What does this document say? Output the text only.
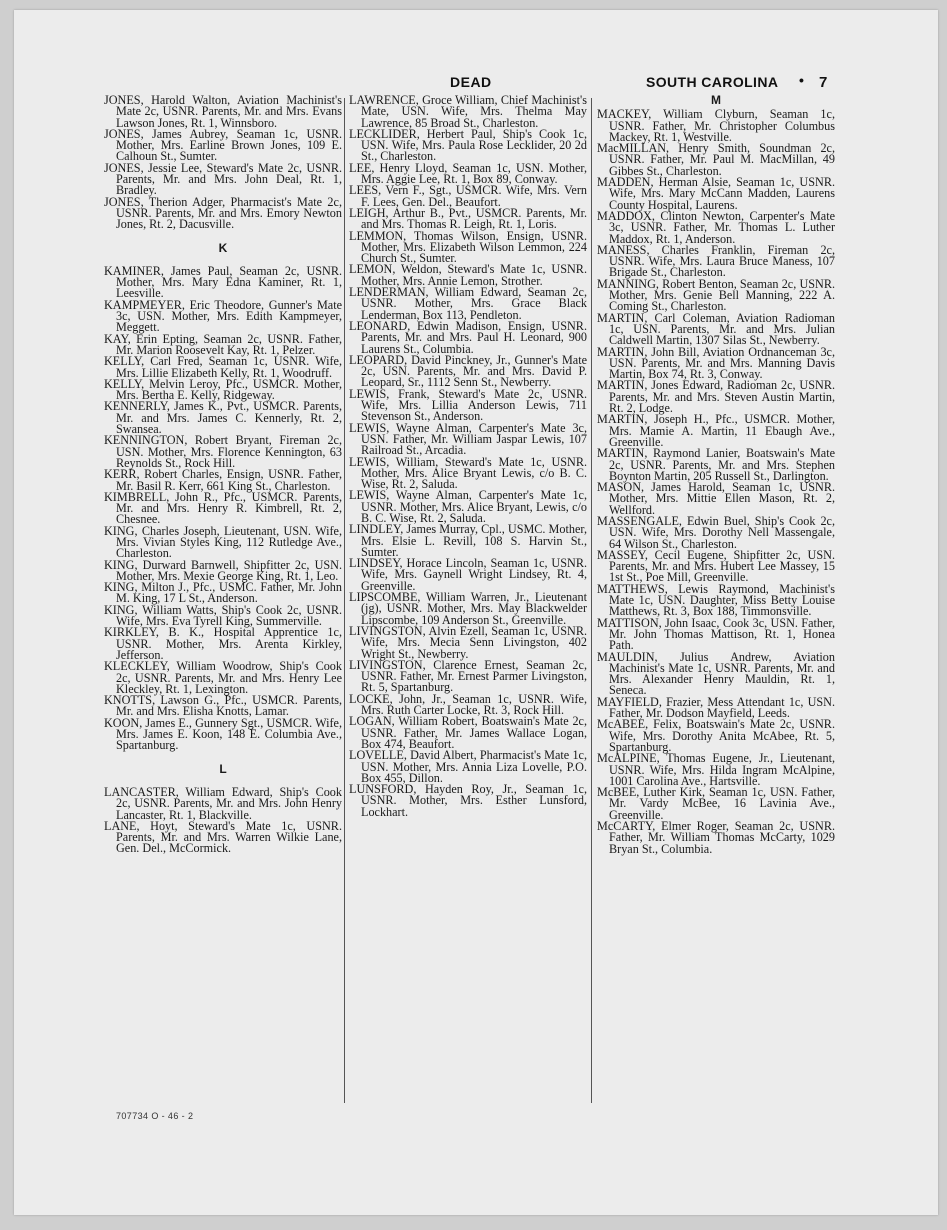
DEAD	SOUTH CAROLINA • 7

JONES, Harold Walton, Aviation Machinist's Mate 2c, USNR. Parents, Mr. and Mrs. Evans Lawson Jones, Rt. 1, Winnsboro.

JONES, James Aubrey, Seaman 1c, USNR. Mother, Mrs. Earline Brown Jones, 109 E. Calhoun St., Sumter.

JONES, Jessie Lee, Steward's Mate 2c, USNR. Parents, Mr. and Mrs. John Deal, Rt. 1, Bradley.

JONES, Therion Adger, Pharmacist's Mate 2c, USNR. Parents, Mr. and Mrs. Emory Newton Jones, Rt. 2, Dacusville.

K

KAMINER, James Paul, Seaman 2c, USNR. Mother, Mrs. Mary Edna Kaminer, Rt. 1, Leesville.

KAMPMEYER, Eric Theodore, Gunner's Mate 3c, USN. Mother, Mrs. Edith Kampmeyer, Meggett.

KAY, Erin Epting, Seaman 2c, USNR. Father, Mr. Marion Roosevelt Kay, Rt. 1, Pelzer.

KELLY, Carl Fred, Seaman 1c, USNR. Wife, Mrs. Lillie Elizabeth Kelly, Rt. 1, Woodruff.

KELLY, Melvin Leroy, Pfc., USMCR. Mother, Mrs. Bertha E. Kelly, Ridgeway.

KENNERLY, James K., Pvt., USMCR. Parents, Mr. and Mrs. James C. Kennerly, Rt. 2, Swansea.

KENNINGTON, Robert Bryant, Fireman 2c, USN. Mother, Mrs. Florence Kennington, 63 Reynolds St., Rock Hill.

KERR, Robert Charles, Ensign, USNR. Father, Mr. Basil R. Kerr, 661 King St., Charleston.

KIMBRELL, John R., Pfc., USMCR. Parents, Mr. and Mrs. Henry R. Kimbrell, Rt. 2, Chesnee.

KING, Charles Joseph, Lieutenant, USN. Wife, Mrs. Vivian Styles King, 112 Rutledge Ave., Charleston.

KING, Durward Barnwell, Shipfitter 2c, USN. Mother, Mrs. Mexie George King, Rt. 1, Leo.

KING, Milton J., Pfc., USMC. Father, Mr. John M. King, 17 L St., Anderson.

KING, William Watts, Ship's Cook 2c, USNR. Wife, Mrs. Eva Tyrell King, Summerville.

KIRKLEY, B. K., Hospital Apprentice 1c, USNR. Mother, Mrs. Arenta Kirkley, Jefferson.

KLECKLEY, William Woodrow, Ship's Cook 2c, USNR. Parents, Mr. and Mrs. Henry Lee Kleckley, Rt. 1, Lexington.

KNOTTS, Lawson G., Pfc., USMCR. Parents, Mr. and Mrs. Elisha Knotts, Lamar.

KOON, James E., Gunnery Sgt., USMCR. Wife, Mrs. James E. Koon, 148 E. Columbia Ave., Spartanburg.

L

LANCASTER, William Edward, Ship's Cook 2c, USNR. Parents, Mr. and Mrs. John Henry Lancaster, Rt. 1, Blackville.

LANE, Hoyt, Steward's Mate 1c, USNR. Parents, Mr. and Mrs. Warren Wilkie Lane, Gen. Del., McCormick.

LAWRENCE, Groce William, Chief Machinist's Mate, USN. Wife, Mrs. Thelma May Lawrence, 85 Broad St., Charleston.

LECKLIDER, Herbert Paul, Ship's Cook 1c, USN. Wife, Mrs. Paula Rose Lecklider, 20 2d St., Charleston.

LEE, Henry Lloyd, Seaman 1c, USN. Mother, Mrs. Aggie Lee, Rt. 1, Box 89, Conway.

LEES, Vern F., Sgt., USMCR. Wife, Mrs. Vern F. Lees, Gen. Del., Beaufort.

LEIGH, Arthur B., Pvt., USMCR. Parents, Mr. and Mrs. Thomas R. Leigh, Rt. 1, Loris.

LEMMON, Thomas Wilson, Ensign, USNR. Mother, Mrs. Elizabeth Wilson Lemmon, 224 Church St., Sumter.

LEMON, Weldon, Steward's Mate 1c, USNR. Mother, Mrs. Annie Lemon, Strother.

LENDERMAN, William Edward, Seaman 2c, USNR. Mother, Mrs. Grace Black Lenderman, Box 113, Pendleton.

LEONARD, Edwin Madison, Ensign, USNR. Parents, Mr. and Mrs. Paul H. Leonard, 900 Laurens St., Columbia.

LEOPARD, David Pinckney, Jr., Gunner's Mate 2c, USN. Parents, Mr. and Mrs. David P. Leopard, Sr., 1112 Senn St., Newberry.

LEWIS, Frank, Steward's Mate 2c, USNR. Wife, Mrs. Lillia Anderson Lewis, 711 Stevenson St., Anderson.

LEWIS, Wayne Alman, Carpenter's Mate 3c, USN. Father, Mr. William Jaspar Lewis, 107 Railroad St., Arcadia.

LEWIS, William, Steward's Mate 1c, USNR. Mother, Mrs. Alice Bryant Lewis, c/o B. C. Wise, Rt. 2, Saluda.

LEWIS, Wayne Alman, Carpenter's Mate 1c, USNR. Mother, Mrs. Alice Bryant, Lewis, c/o B. C. Wise, Rt. 2, Saluda.

LINDLEY, James Murray, Cpl., USMC. Mother, Mrs. Elsie L. Revill, 108 S. Harvin St., Sumter.

LINDSEY, Horace Lincoln, Seaman 1c, USNR. Wife, Mrs. Gaynell Wright Lindsey, Rt. 4, Greenville.

LIPSCOMBE, William Warren, Jr., Lieutenant (jg), USNR. Mother, Mrs. May Blackwelder Lipscombe, 109 Anderson St., Greenville.

LIVINGSTON, Alvin Ezell, Seaman 1c, USNR. Wife, Mrs. Mecia Senn Livingston, 402 Wright St., Newberry.

LIVINGSTON, Clarence Ernest, Seaman 2c, USNR. Father, Mr. Ernest Parmer Livingston, Rt. 5, Spartanburg.

LOCKE, John, Jr., Seaman 1c, USNR. Wife, Mrs. Ruth Carter Locke, Rt. 3, Rock Hill.

LOGAN, William Robert, Boatswain's Mate 2c, USNR. Father, Mr. James Wallace Logan, Box 474, Beaufort.

LOVELLE, David Albert, Pharmacist's Mate 1c, USN. Mother, Mrs. Annia Liza Lovelle, P.O. Box 455, Dillon.

LUNSFORD, Hayden Roy, Jr., Seaman 1c, USNR. Mother, Mrs. Esther Lunsford, Lockhart.

M

MACKEY, William Clyburn, Seaman 1c, USNR. Father, Mr. Christopher Columbus Mackey, Rt. 1, Westville.

MacMILLAN, Henry Smith, Soundman 2c, USNR. Father, Mr. Paul M. MacMillan, 49 Gibbes St., Charleston.

MADDEN, Herman Alsie, Seaman 1c, USNR. Wife, Mrs. Mary McCann Madden, Laurens County Hospital, Laurens.

MADDOX, Clinton Newton, Carpenter's Mate 3c, USNR. Father, Mr. Thomas L. Luther Maddox, Rt. 1, Anderson.

MANESS, Charles Franklin, Fireman 2c, USNR. Wife, Mrs. Laura Bruce Maness, 107 Brigade St., Charleston.

MANNING, Robert Benton, Seaman 2c, USNR. Mother, Mrs. Genie Bell Manning, 222 A. Coming St., Charleston.

MARTIN, Carl Coleman, Aviation Radioman 1c, USN. Parents, Mr. and Mrs. Julian Caldwell Martin, 1307 Silas St., Newberry.

MARTIN, John Bill, Aviation Ordnanceman 3c, USN. Parents, Mr. and Mrs. Manning Davis Martin, Box 74, Rt. 3, Conway.

MARTIN, Jones Edward, Radioman 2c, USNR. Parents, Mr. and Mrs. Steven Austin Martin, Rt. 2, Lodge.

MARTIN, Joseph H., Pfc., USMCR. Mother, Mrs. Mamie A. Martin, 11 Ebaugh Ave., Greenville.

MARTIN, Raymond Lanier, Boatswain's Mate 2c, USNR. Parents, Mr. and Mrs. Stephen Boynton Martin, 205 Russell St., Darlington.

MASON, James Harold, Seaman 1c, USNR. Mother, Mrs. Mittie Ellen Mason, Rt. 2, Wellford.

MASSENGALE, Edwin Buel, Ship's Cook 2c, USN. Wife, Mrs. Dorothy Nell Massengale, 64 Wilson St., Charleston.

MASSEY, Cecil Eugene, Shipfitter 2c, USN. Parents, Mr. and Mrs. Hubert Lee Massey, 15 1st St., Poe Mill, Greenville.

MATTHEWS, Lewis Raymond, Machinist's Mate 1c, USN. Daughter, Miss Betty Louise Matthews, Rt. 3, Box 188, Timmonsville.

MATTISON, John Isaac, Cook 3c, USN. Father, Mr. John Thomas Mattison, Rt. 1, Honea Path.

MAULDIN, Julius Andrew, Aviation Machinist's Mate 1c, USNR. Parents, Mr. and Mrs. Alexander Henry Mauldin, Rt. 1, Seneca.

MAYFIELD, Frazier, Mess Attendant 1c, USN. Father, Mr. Dodson Mayfield, Leeds.

McABEE, Felix, Boatswain's Mate 2c, USNR. Wife, Mrs. Dorothy Anita McAbee, Rt. 5, Spartanburg.

McALPINE, Thomas Eugene, Jr., Lieutenant, USNR. Wife, Mrs. Hilda Ingram McAlpine, 1001 Carolina Ave., Hartsville.

McBEE, Luther Kirk, Seaman 1c, USN. Father, Mr. Vardy McBee, 16 Lavinia Ave., Greenville.

McCARTY, Elmer Roger, Seaman 2c, USNR. Father, Mr. William Thomas McCarty, 1029 Bryan St., Columbia.

707734 O - 46 - 2
